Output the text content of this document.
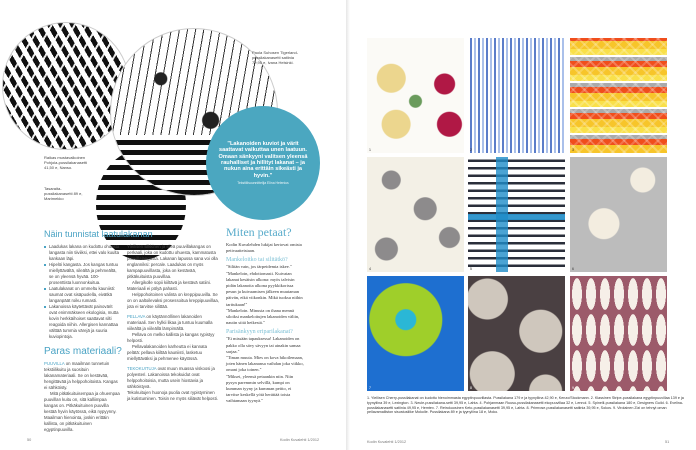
"Lakanoiden kuviot ja värit saattavat vaikuttaa unen laatuun. Omaan sänkyyni valitsen yleensä rauhalliset ja hillityt lakanat – ja nukun aina erittäin sikeästi ja hyvin."
Tekstiilisuunnittelija Elina Helenius
Raikas mustavalkoinen Pohjola-pussilakanasetti 41,50 e, Nanso.
Tasaraita-pussilakanasetti 89 e, Marimekko
Paola Suhosen Tigerland-pussilakanasetti satiinia 79,95 e, Ivana Helsinki.
Näin tunnistat laatulakanan
Laadukas lakana on kudottu ohuesta langasta niin tiiviiksi, ettei valo kuulta kankaan läpi.
Hipelöi kangasta. Jos kangas tuntuu miellyttävältä, sileältä ja pehmeältä, se on yleensä hyvää. 100-prosenttista luonnonkuitua.
Laatulakanat on ommeltu kauniisti: saumat ovat sisäpuolella, eivätkä langanpäät roiku rumasti.
Lakanoissa käytettävät painovärit ovat enimmäkseen ekologisia, mutta kovin herkkäihoiset saattavat silti reagoida niihin. Allergisen kannattaa välttää tummia värejä ja suuria kuviopintoja.
Paras materiaali?

PUUVILLA on maailman tunnetuin tekstiilikuitu ja suosituin lakanamateriaali. Se on kestävää, hengittävää ja helppohoitoista. Kangas ei sähköisty.

Mitä pitkäkuituisempaa ja ohuempaa puuvillan kuitu on, sitä kalliimpaa kangas on. Pitkäkuituinen puuvilla kestää hyvin käytössä, eikä nypyynny. Maailman hienointa, joskin erittäin kallista, on pitkäkuituinen egyptinpuuvilla.

Yleilisen silkkinen ja sileä puuvillakangas on perkaali, joka on kudottu ohuesta, kammatusta puuvillalangasta. Lakanan lapussa sana voi olla englanniksi: percale. Laadukas on myös kampapuuvillasta, joka on kestävää, pitkäkuituista puuvillaa.

Allergikolle sopii kiiltävä ja kestävä satiini. Materiaali ei pölyä pahasti.

Helppohoitoinen valinta on kreppipuuvilla. Se on on aaltoilevaksi prosessoitua kreppipuuvillaa, jota ei tarvitse silittää.

PELLAVA on käytännöllinen lakanoiden materiaali. Sen hylkii likaa ja tuntuu kuumalla viileältä ja viileällä lämpimältä.

Pellava on melko kallista ja kangas rypistyy helposti.

Pellavalakanoiden karheutta ei kannata pelätä: pellava kiiltää kauniisti, lasketuu miellyttäväksi ja pehmenee käytössä.

TEKOKUITUJA ovat muun muassa viskoosi ja polyesteri. Lakanoissa tekokuidut ovat helppohoitoisia, mutta usein hiostavia ja sähköistyvä.

Tekokuitujen huonoja puolia ovat rypistyminen ja kutistuminen. Toisin ne myös siliävät helposti.

Miten petaat?

Kodin Kuvalehden lukijat kertovat omista petivaatteistaan.

Mankeloitko tai silitätkö?

"Silitän vain, jos tärpeidemia iskee."

"Mankeloin, ehdottomasti. Kuivatan lakanat kesäisin ulkona: myös talvisin pidän lakanoita ulkona pyykkikorissa pesun ja kuivaamisen jälkeen muutaman päivän, eikä viikonkin. Mikä tuoksu niihin tarttukaan!"

"Mankeloin. Minusta on ihana mennä siloiksi mankeloitujen lakanoiden väliin, nautin siitä hetkestä."

Parisänkyyn eriparilakanat?

"Ei missään tapauksessa! Lakanoiden on pakko olla sävy sävyyn tai ainakin samaa sarjaa."

"Timan muuta. Mies on kova hikoilemaan, joten hänen lakanansa vaihdan joka viikko, omani joka toinen."

"Miksei, yleensä petaankin niin. Niin pysyn paremmin selvillä, kumpi on kumman tyyny ja kumman peitto, ei tarvitse keskellä yötä herättää toista vaihtamaan tyynyä."

50	Kodin Kuvalehti 1/2012
1	2	3
4	5	6
7	8	9
1. Ylellisen Cherry-pussilakanat on kudottu hienoimmasta egyptinpuuvillasta. Pussilakana 179 e ja tyynyliina 42,90 e, Kenzo/Stockmann. 2. Klassinen Stripe-pussilakana egyptinpuuvillaa 139 e ja tyynyliina 39 e, Lexington. 3. Neule-pussilakana-setti 39,95 e, Lahta. 4. Pohjanmaan Ruusu-pussilakanasetti ekopuuvillaa 32 e, Lennol. 5. Spinelli-pussilakana 180 e, Designers Guild. 6. Evelina-pussilakanasetti satiinia 49,95 e, Hemtex. 7. Retrokuosinen Keto-pussilakanasetti 39,95 e, Lahta. 8. Primrose-pussilakanasetti satiinia 39,95 e, Sokos. 9. Virolainen Zizi on tehnyt oman pellavamalliston sisustusliike Mokolle. Pussilakana 89 e ja tyynyliina 18 e, Moko.
Kodin Kuvalehti 1/2012	51
